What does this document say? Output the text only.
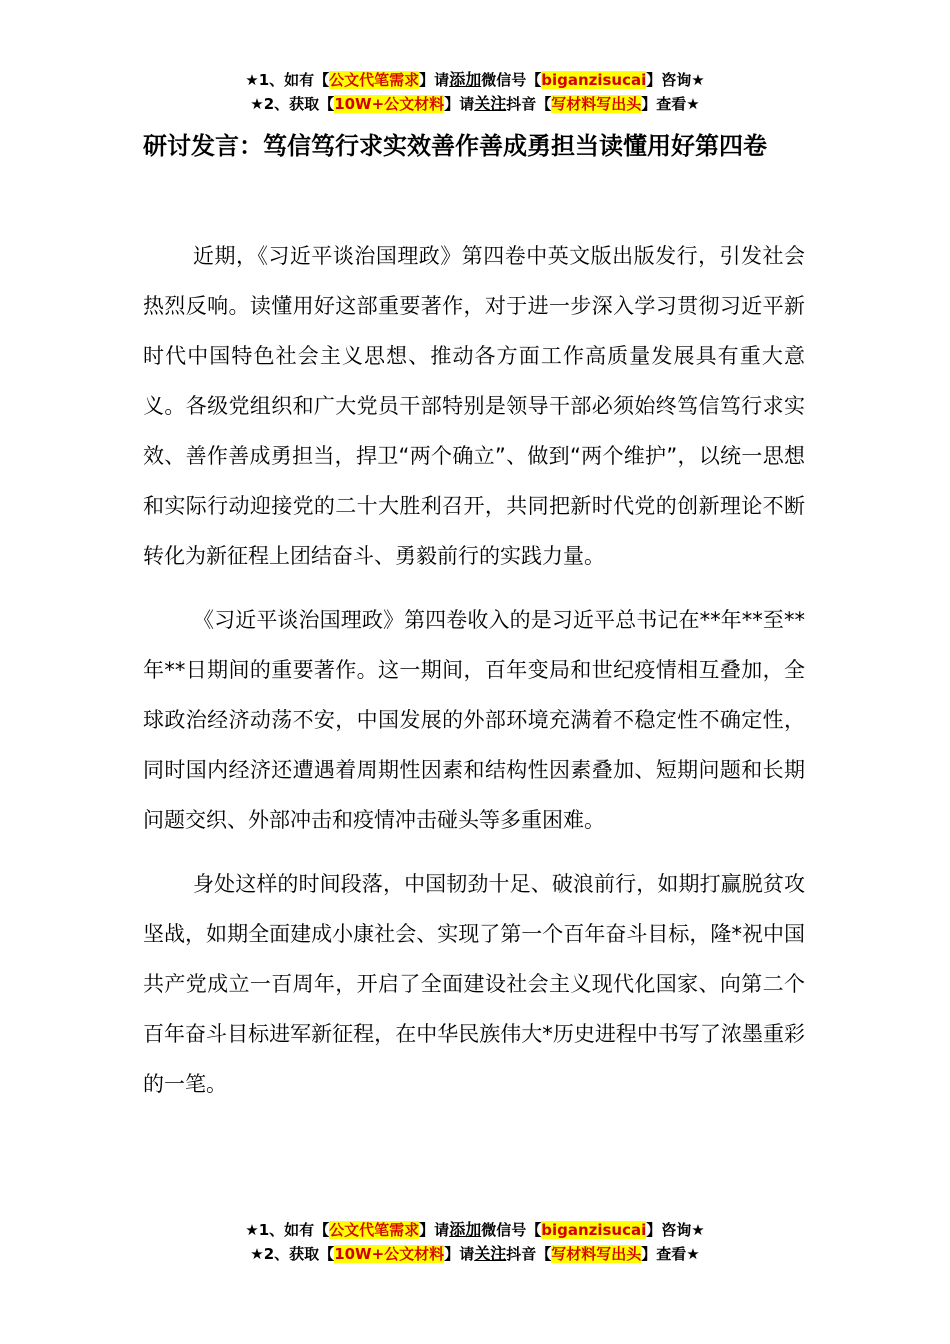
★1、如有【公文代笔需求】请添加微信号【biganzisucai】咨询★
★2、获取【10W+公文材料】请关注抖音【写材料写出头】查看★
研讨发言：笃信笃行求实效善作善成勇担当读懂用好第四卷

近期，《习近平谈治国理政》第四卷中英文版出版发行，引发社会热烈反响。读懂用好这部重要著作，对于进一步深入学习贯彻习近平新时代中国特色社会主义思想、推动各方面工作高质量发展具有重大意义。各级党组织和广大党员干部特别是领导干部必须始终笃信笃行求实效、善作善成勇担当，捍卫“两个确立”、做到“两个维护”，以统一思想和实际行动迎接党的二十大胜利召开，共同把新时代党的创新理论不断转化为新征程上团结奋斗、勇毅前行的实践力量。

《习近平谈治国理政》第四卷收入的是习近平总书记在**年**至**年**日期间的重要著作。这一期间，百年变局和世纪疫情相互叠加，全球政治经济动荡不安，中国发展的外部环境充满着不稳定性不确定性，同时国内经济还遭遇着周期性因素和结构性因素叠加、短期问题和长期问题交织、外部冲击和疫情冲击碰头等多重困难。

身处这样的时间段落，中国韧劲十足、破浪前行，如期打赢脱贫攻坚战，如期全面建成小康社会、实现了第一个百年奋斗目标，隆*祝中国共产党成立一百周年，开启了全面建设社会主义现代化国家、向第二个百年奋斗目标进军新征程，在中华民族伟大*历史进程中书写了浓墨重彩的一笔。

★1、如有【公文代笔需求】请添加微信号【biganzisucai】咨询★
★2、获取【10W+公文材料】请关注抖音【写材料写出头】查看★
